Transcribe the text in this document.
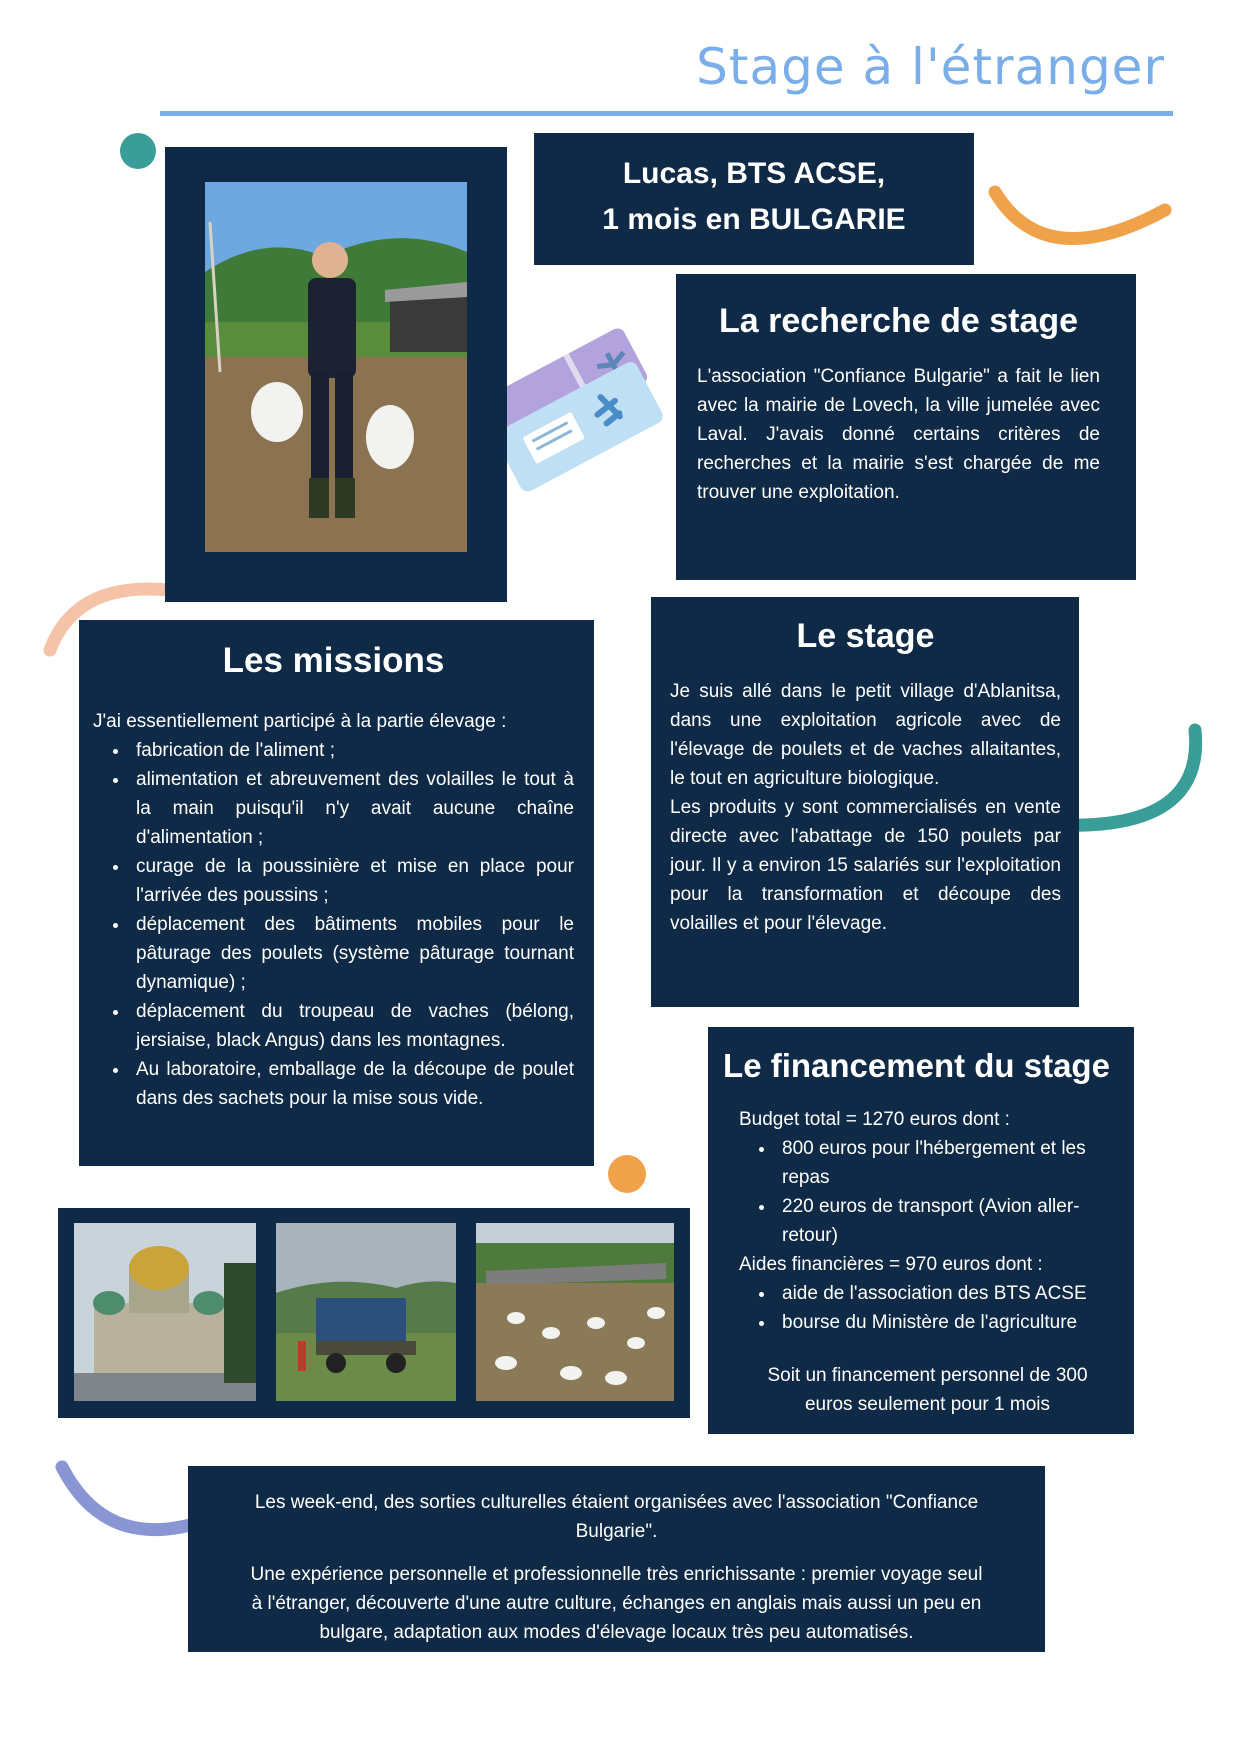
Stage à l'étranger
Lucas, BTS ACSE,
1 mois en BULGARIE
La recherche de stage

L'association "Confiance Bulgarie" a fait le lien avec la mairie de Lovech, la ville jumelée avec Laval. J'avais donné certains critères de recherches et la mairie s'est chargée de me trouver une exploitation.

Les missions

J'ai essentiellement participé à la partie élevage :

• fabrication de l'aliment ;
• alimentation et abreuvement des volailles le tout à la main puisqu'il n'y avait aucune chaîne d'alimentation ;
• curage de la poussinière et mise en place pour l'arrivée des poussins ;
• déplacement des bâtiments mobiles pour le pâturage des poulets (système pâturage tournant dynamique) ;
• déplacement du troupeau de vaches (bélong, jersiaise, black Angus) dans les montagnes.
• Au laboratoire, emballage de la découpe de poulet dans des sachets pour la mise sous vide.
Le stage

Je suis allé dans le petit village d'Ablanitsa, dans une exploitation agricole avec de l'élevage de poulets et de vaches allaitantes, le tout en agriculture biologique.

Les produits y sont commercialisés en vente directe avec l'abattage de 150 poulets par jour. Il y a environ 15 salariés sur l'exploitation pour la transformation et découpe des volailles et pour l'élevage.

Le financement du stage

Budget total = 1270 euros dont :

• 800 euros pour l'hébergement et les repas
• 220 euros de transport (Avion aller-retour)

Aides financières = 970 euros dont :

• aide de l'association des BTS ACSE
• bourse du Ministère de l'agriculture

Soit un financement personnel de 300 euros seulement pour 1 mois

Les week-end, des sorties culturelles étaient organisées avec l'association "Confiance Bulgarie".

Une expérience personnelle et professionnelle très enrichissante : premier voyage seul à l'étranger, découverte d'une autre culture, échanges en anglais mais aussi un peu en bulgare, adaptation aux modes d'élevage locaux très peu automatisés.
